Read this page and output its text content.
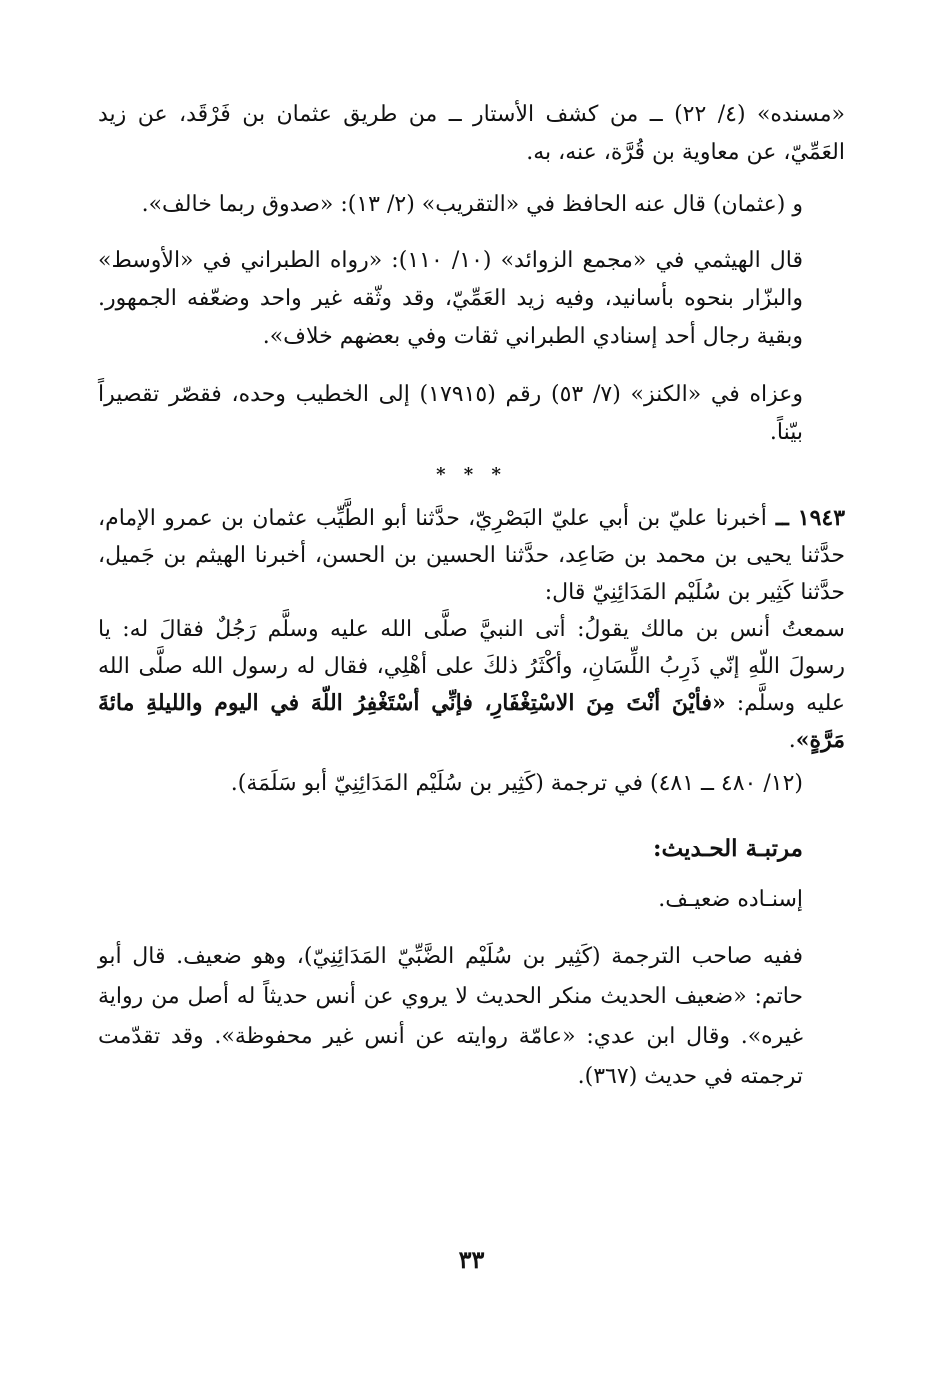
«مسنده» (٤/ ٢٢) ــ من كشف الأستار ــ من طريق عثمان بن فَرْقَد، عن زيد العَمِّيّ، عن معاوية بن قُرَّة، عنه، به.

و (عثمان) قال عنه الحافظ في «التقريب» (٢/ ١٣): «صدوق ربما خالف».

قال الهيثمي في «مجمع الزوائد» (١٠/ ١١٠): «رواه الطبراني في «الأوسط» والبزّار بنحوه بأسانيد، وفيه زيد العَمِّيّ، وقد وثّقه غير واحد وضعّفه الجمهور. وبقية رجال أحد إسنادي الطبراني ثقات وفي بعضهم خلاف».

وعزاه في «الكنز» (٧/ ٥٣) رقم (١٧٩١٥) إلى الخطيب وحده، فقصّر تقصيراً بيّناً.

* * *

١٩٤٣ ــ أخبرنا عليّ بن أبي عليّ البَصْرِيّ، حدَّثنا أبو الطَّيِّب عثمان بن عمرو الإمام، حدَّثنا يحيى بن محمد بن صَاعِد، حدَّثنا الحسين بن الحسن، أخبرنا الهيثم بن جَميل، حدَّثنا كَثِير بن سُلَيْم المَدَائِنِيّ قال:

سمعتُ أنس بن مالك يقولُ: أتى النبيَّ صلَّى الله عليه وسلَّم رَجُلٌ فقالَ له: يا رسولَ اللّهِ إنّي ذَرِبُ اللِّسَانِ، وأكْثَرُ ذلكَ على أهْلِي، فقال له رسول الله صلَّى الله عليه وسلَّم: «فأيْنَ أنْتَ مِنَ الاسْتِغْفَارِ، فإنِّي أسْتَغْفِرُ اللّهَ في اليوم والليلةِ مائةَ مَرَّةٍ».

(١٢/ ٤٨٠ ــ ٤٨١) في ترجمة (كَثِير بن سُلَيْم المَدَائِنِيّ أبو سَلَمَة).

مرتبـة الحـديث:
إسنـاده ضعيـف.

ففيه صاحب الترجمة (كَثِير بن سُلَيْم الضَّبِّيّ المَدَائِنِيّ)، وهو ضعيف. قال أبو حاتم: «ضعيف الحديث منكر الحديث لا يروي عن أنس حديثاً له أصل من رواية غيره». وقال ابن عدي: «عامّة روايته عن أنس غير محفوظة». وقد تقدّمت ترجمته في حديث (٣٦٧).

٣٣
